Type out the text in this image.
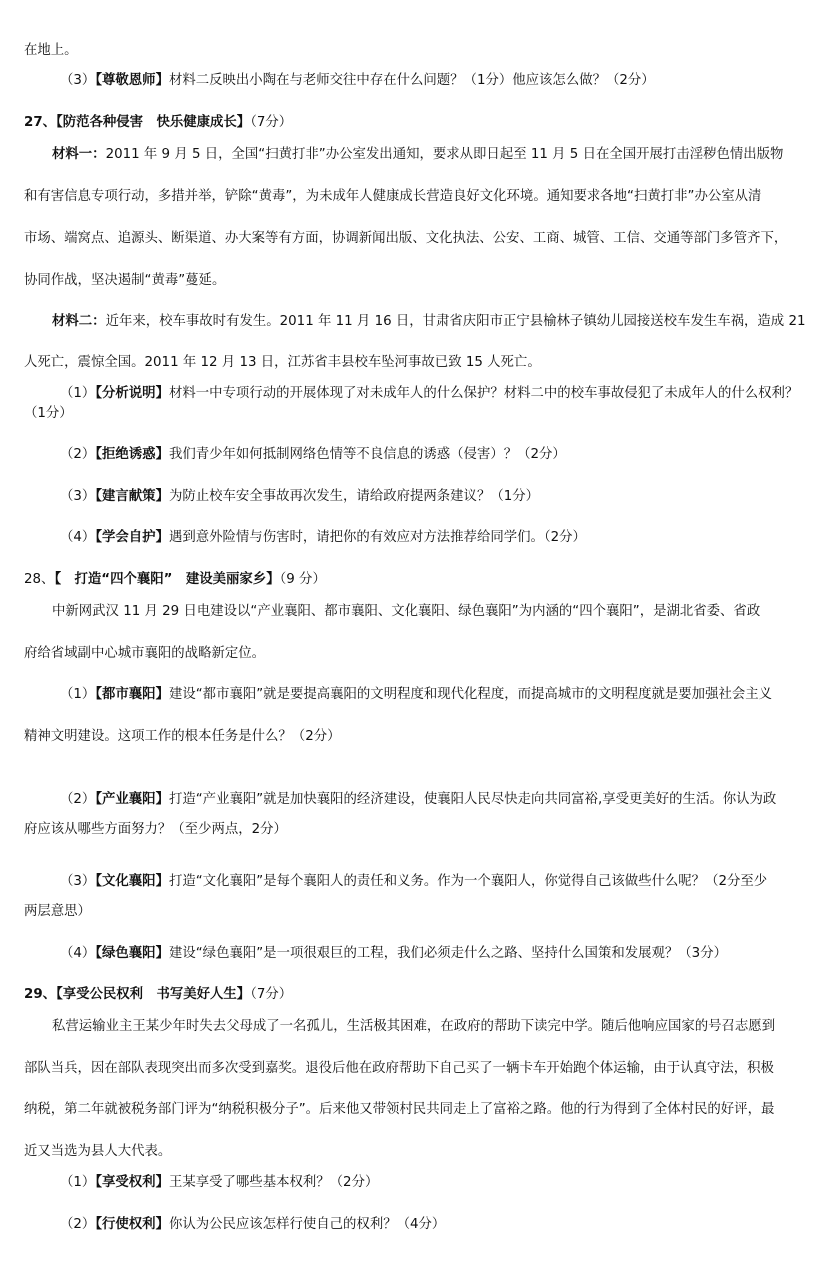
在地上。
（3）【尊敬恩师】材料二反映出小陶在与老师交往中存在什么问题？（1分）他应该怎么做？（2分）
27、【防范各种侵害　快乐健康成长】（7分）
材料一：2011 年 9 月 5 日，全国“扫黄打非”办公室发出通知，要求从即日起至 11 月 5 日在全国开展打击淫秽色情出版物
和有害信息专项行动，多措并举，铲除“黄毒”，为未成年人健康成长营造良好文化环境。通知要求各地“扫黄打非”办公室从清
市场、端窝点、追源头、断渠道、办大案等有方面，协调新闻出版、文化执法、公安、工商、城管、工信、交通等部门多管齐下，
协同作战，坚决遏制“黄毒”蔓延。
材料二：近年来，校车事故时有发生。2011 年 11 月 16 日，甘肃省庆阳市正宁县榆林子镇幼儿园接送校车发生车祸，造成 21
人死亡，震惊全国。2011 年 12 月 13 日，江苏省丰县校车坠河事故已致 15 人死亡。
（1）【分析说明】材料一中专项行动的开展体现了对未成年人的什么保护？材料二中的校车事故侵犯了未成年人的什么权利？
（1分）
（2）【拒绝诱惑】我们青少年如何抵制网络色情等不良信息的诱惑（侵害）？（2分）
（3）【建言献策】为防止校车安全事故再次发生，请给政府提两条建议？（1分）
（4）【学会自护】遇到意外险情与伤害时，请把你的有效应对方法推荐给同学们。（2分）
28、【　打造“四个襄阳”　建设美丽家乡】（9 分）
中新网武汉 11 月 29 日电建设以“产业襄阳、都市襄阳、文化襄阳、绿色襄阳”为内涵的“四个襄阳”，是湖北省委、省政
府给省域副中心城市襄阳的战略新定位。
（1）【都市襄阳】建设“都市襄阳”就是要提高襄阳的文明程度和现代化程度，而提高城市的文明程度就是要加强社会主义
精神文明建设。这项工作的根本任务是什么？（2分）
（2）【产业襄阳】打造“产业襄阳”就是加快襄阳的经济建设，使襄阳人民尽快走向共同富裕,享受更美好的生活。你认为政
府应该从哪些方面努力？（至少两点，2分）
（3）【文化襄阳】打造“文化襄阳”是每个襄阳人的责任和义务。作为一个襄阳人，你觉得自己该做些什么呢？（2分至少
两层意思）
（4）【绿色襄阳】建设“绿色襄阳”是一项很艰巨的工程，我们必须走什么之路、坚持什么国策和发展观？（3分）
29、【享受公民权利　书写美好人生】（7分）
私营运输业主王某少年时失去父母成了一名孤儿，生活极其困难，在政府的帮助下读完中学。随后他响应国家的号召志愿到
部队当兵，因在部队表现突出而多次受到嘉奖。退役后他在政府帮助下自己买了一辆卡车开始跑个体运输，由于认真守法，积极
纳税，第二年就被税务部门评为“纳税积极分子”。后来他又带领村民共同走上了富裕之路。他的行为得到了全体村民的好评，最
近又当选为县人大代表。
（1）【享受权利】王某享受了哪些基本权利？（2分）
（2）【行使权利】你认为公民应该怎样行使自己的权利？（4分）
